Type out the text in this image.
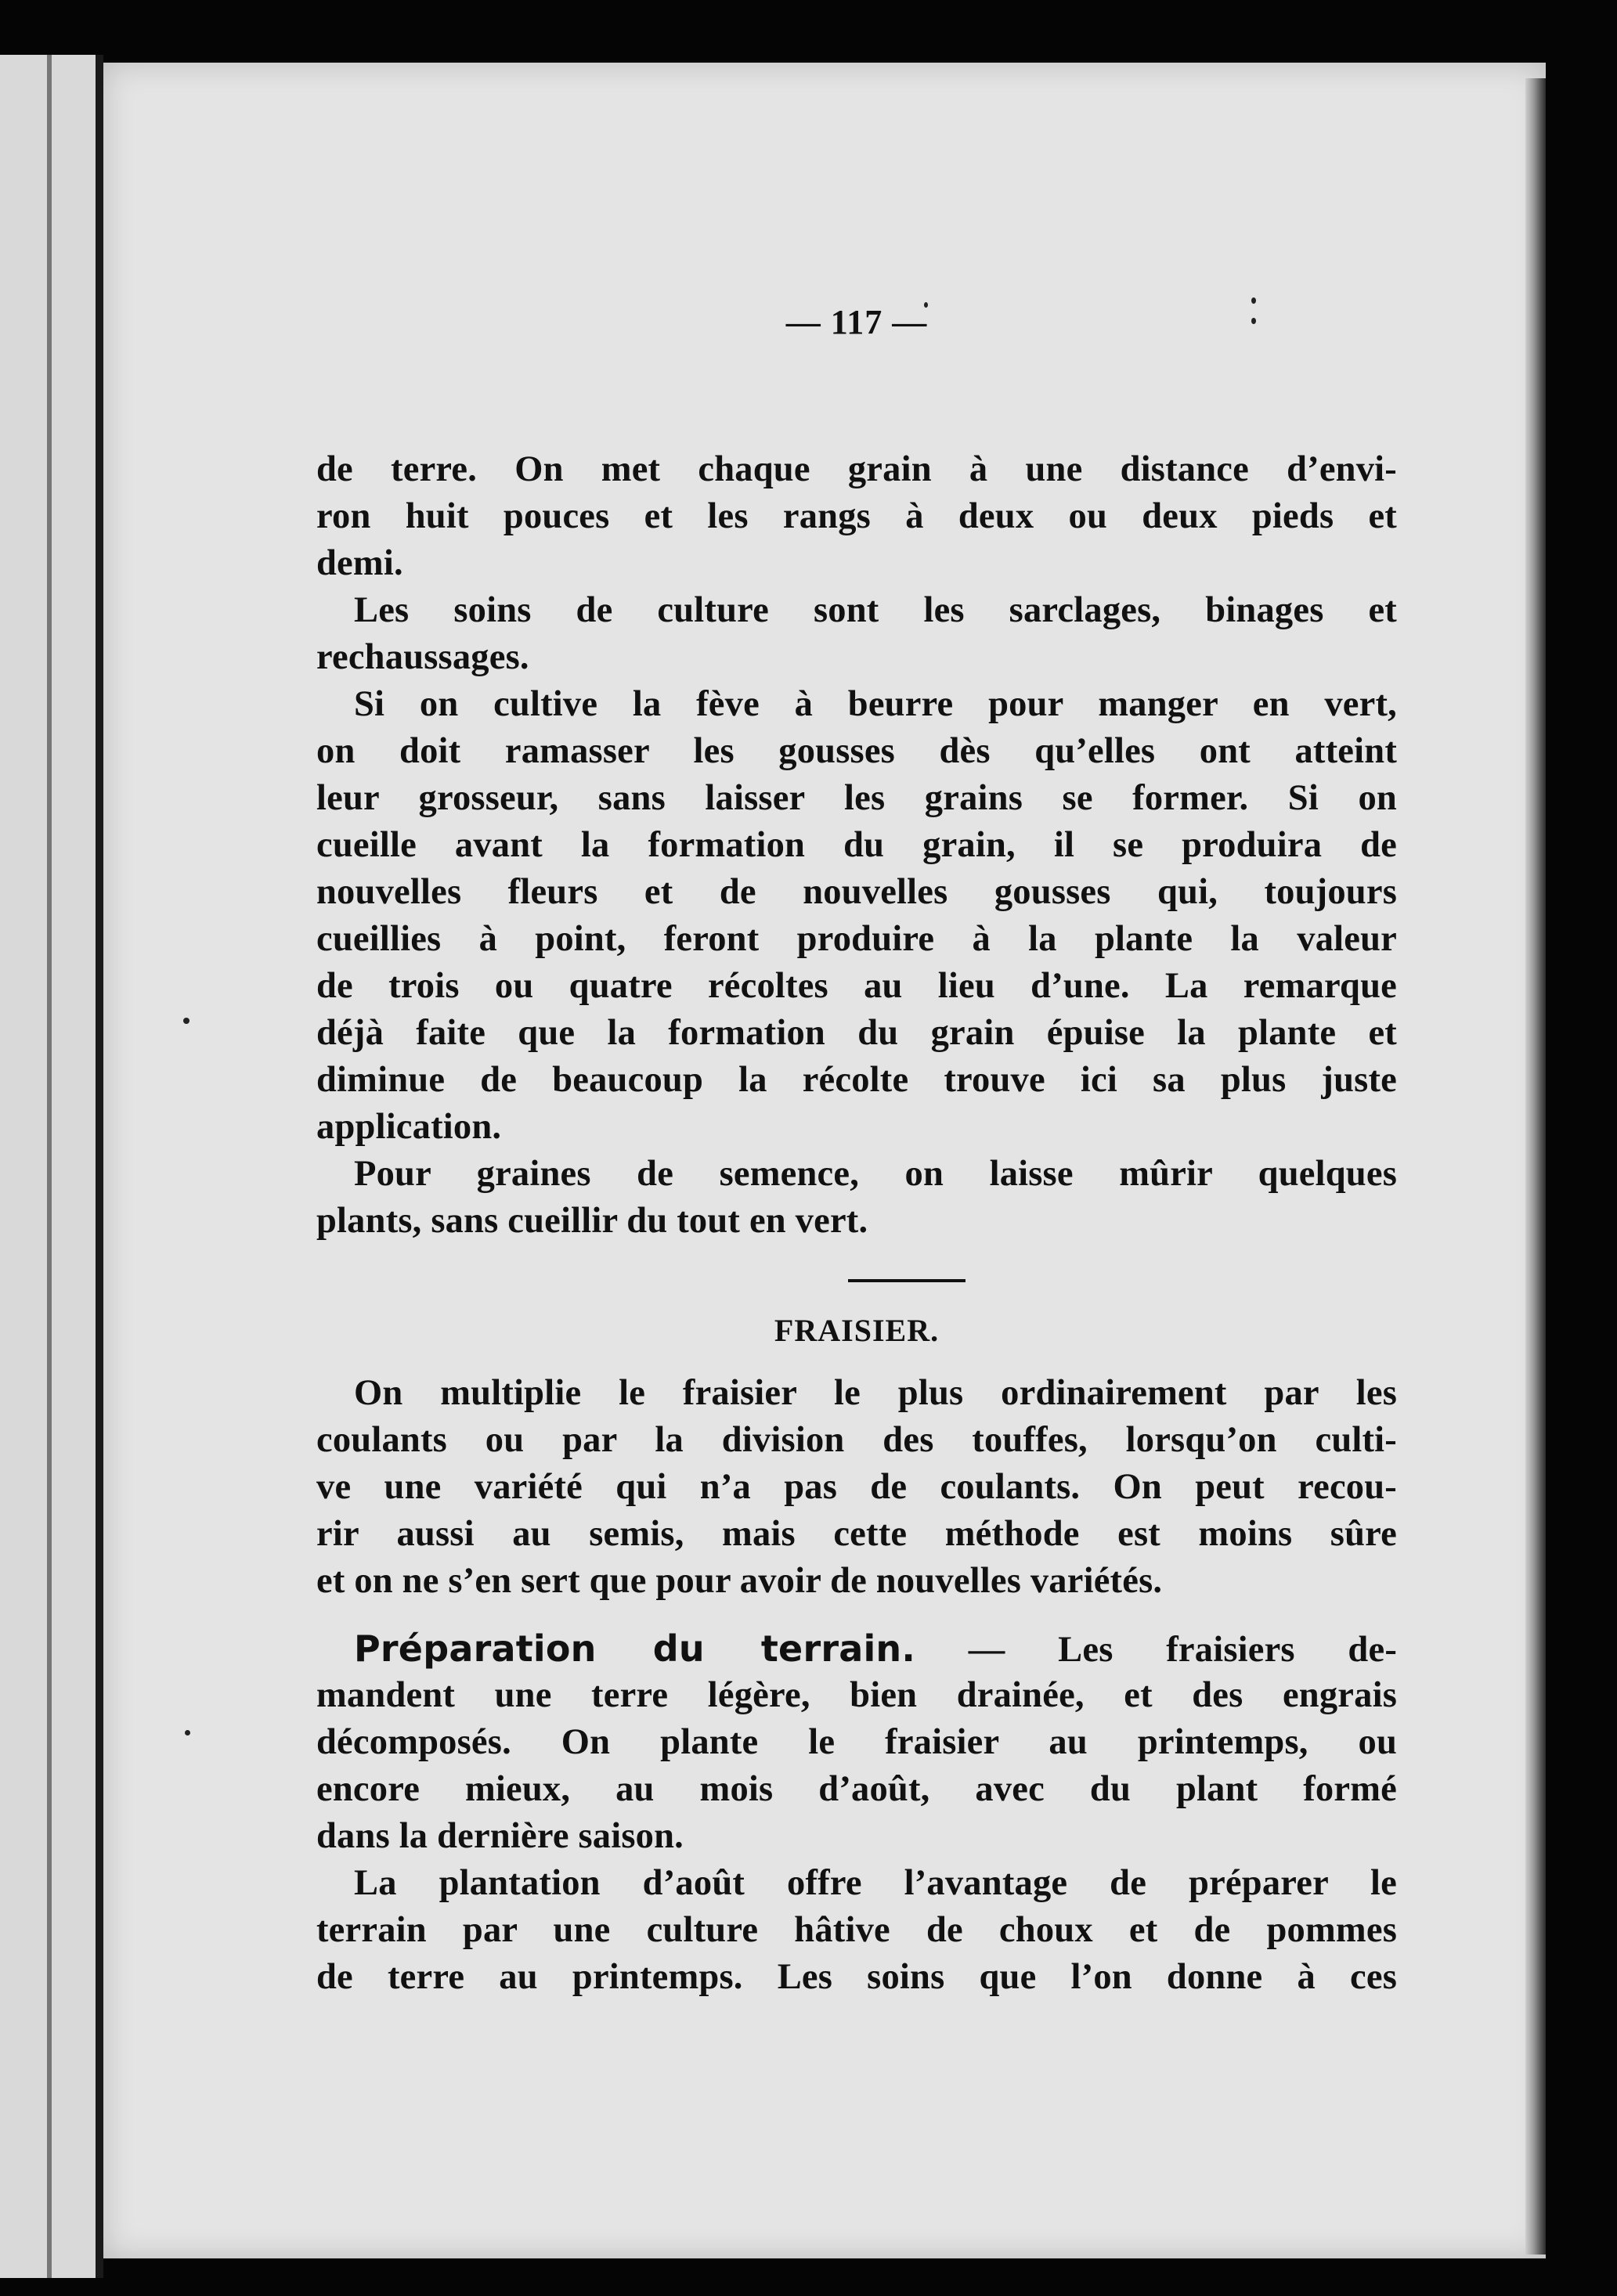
— 117 —
de terre. On met chaque grain à une distance d’envi-
ron huit pouces et les rangs à deux ou deux pieds et
demi.
Les soins de culture sont les sarclages, binages et
rechaussages.
Si on cultive la fève à beurre pour manger en vert,
on doit ramasser les gousses dès qu’elles ont atteint
leur grosseur, sans laisser les grains se former. Si on
cueille avant la formation du grain, il se produira de
nouvelles fleurs et de nouvelles gousses qui, toujours
cueillies à point, feront produire à la plante la valeur
de trois ou quatre récoltes au lieu d’une. La remarque
déjà faite que la formation du grain épuise la plante et
diminue de beaucoup la récolte trouve ici sa plus juste
application.
Pour graines de semence, on laisse mûrir quelques
plants, sans cueillir du tout en vert.
FRAISIER.
On multiplie le fraisier le plus ordinairement par les
coulants ou par la division des touffes, lorsqu’on culti-
ve une variété qui n’a pas de coulants. On peut recou-
rir aussi au semis, mais cette méthode est moins sûre
et on ne s’en sert que pour avoir de nouvelles variétés.
Préparation du terrain. — Les fraisiers de-
mandent une terre légère, bien drainée, et des engrais
décomposés. On plante le fraisier au printemps, ou
encore mieux, au mois d’août, avec du plant formé
dans la dernière saison.
La plantation d’août offre l’avantage de préparer le
terrain par une culture hâtive de choux et de pommes
de terre au printemps. Les soins que l’on donne à ces
